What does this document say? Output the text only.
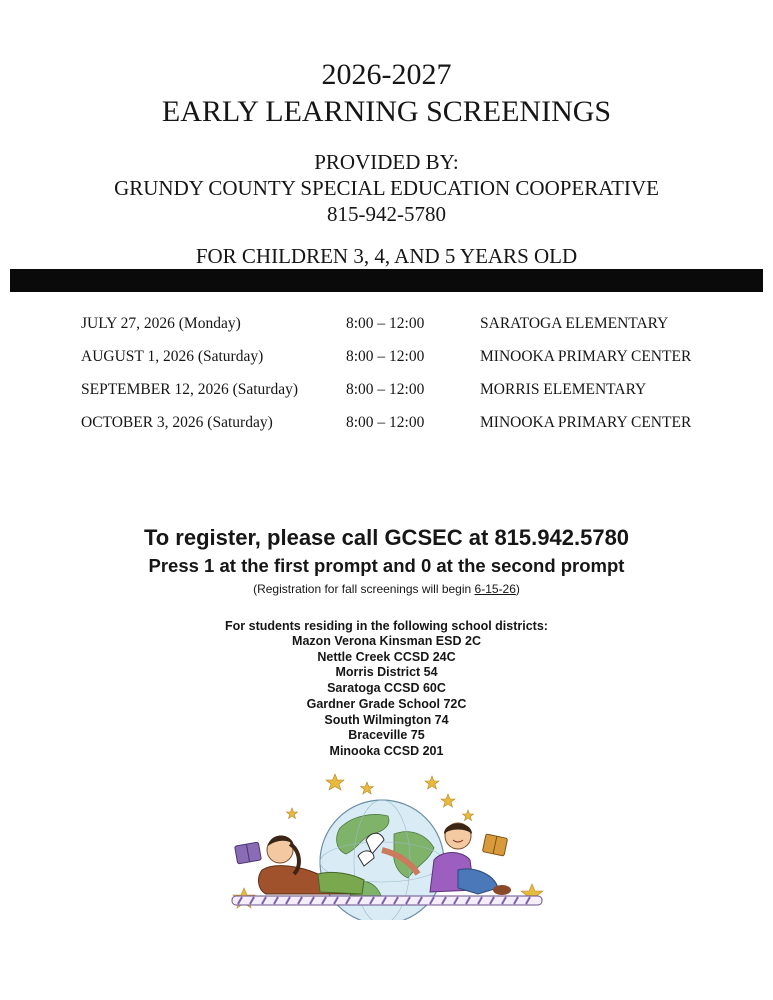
2026-2027
EARLY LEARNING SCREENINGS
PROVIDED BY:
GRUNDY COUNTY SPECIAL EDUCATION COOPERATIVE
815-942-5780
FOR CHILDREN 3, 4, AND 5 YEARS OLD
JULY 27, 2026 (Monday)	8:00 – 12:00	SARATOGA ELEMENTARY
AUGUST 1, 2026 (Saturday)	8:00 – 12:00	MINOOKA PRIMARY CENTER
SEPTEMBER 12, 2026 (Saturday)	8:00 – 12:00	MORRIS ELEMENTARY
OCTOBER 3, 2026 (Saturday)	8:00 – 12:00	MINOOKA PRIMARY CENTER
To register, please call GCSEC at 815.942.5780
Press 1 at the first prompt and 0 at the second prompt
(Registration for fall screenings will begin 6-15-26)
For students residing in the following school districts:
Mazon Verona Kinsman ESD 2C
Nettle Creek CCSD 24C
Morris District 54
Saratoga CCSD 60C
Gardner Grade School 72C
South Wilmington 74
Braceville 75
Minooka CCSD 201
